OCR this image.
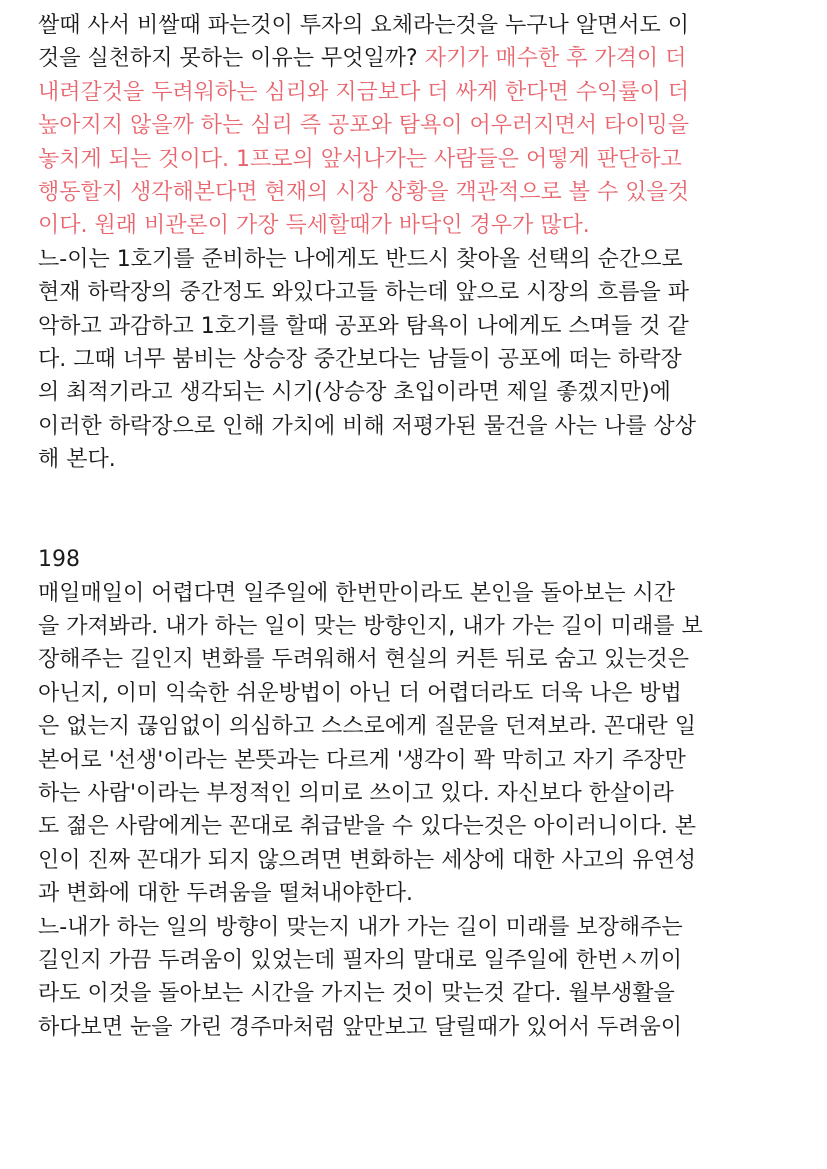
쌀때 사서 비쌀때 파는것이 투자의 요체라는것을 누구나 알면서도 이
것을 실천하지 못하는 이유는 무엇일까? 자기가 매수한 후 가격이 더
내려갈것을 두려워하는 심리와 지금보다 더 싸게 한다면 수익률이 더
높아지지 않을까 하는 심리 즉 공포와 탐욕이 어우러지면서 타이밍을
놓치게 되는 것이다. 1프로의 앞서나가는 사람들은 어떻게 판단하고
행동할지 생각해본다면 현재의 시장 상황을 객관적으로 볼 수 있을것
이다. 원래 비관론이 가장 득세할때가 바닥인 경우가 많다.
느-이는 1호기를 준비하는 나에게도 반드시 찾아올 선택의 순간으로
현재 하락장의 중간정도 와있다고들 하는데 앞으로 시장의 흐름을 파
악하고 과감하고 1호기를 할때 공포와 탐욕이 나에게도 스며들 것 같
다. 그때 너무 붐비는 상승장 중간보다는 남들이 공포에 떠는 하락장
의 최적기라고 생각되는 시기(상승장 초입이라면 제일 좋겠지만)에
이러한 하락장으로 인해 가치에 비해 저평가된 물건을 사는 나를 상상
해 본다.
198
매일매일이 어렵다면 일주일에 한번만이라도 본인을 돌아보는 시간
을 가져봐라. 내가 하는 일이 맞는 방향인지, 내가 가는 길이 미래를 보
장해주는 길인지 변화를 두려워해서 현실의 커튼 뒤로 숨고 있는것은
아닌지, 이미 익숙한 쉬운방법이 아닌 더 어렵더라도 더욱 나은 방법
은 없는지 끊임없이 의심하고 스스로에게 질문을 던져보라. 꼰대란 일
본어로 '선생'이라는 본뜻과는 다르게 '생각이 꽉 막히고 자기 주장만
하는 사람'이라는 부정적인 의미로 쓰이고 있다. 자신보다 한살이라
도 젊은 사람에게는 꼰대로 취급받을 수 있다는것은 아이러니이다. 본
인이 진짜 꼰대가 되지 않으려면 변화하는 세상에 대한 사고의 유연성
과 변화에 대한 두려움을 떨쳐내야한다.
느-내가 하는 일의 방향이 맞는지 내가 가는 길이 미래를 보장해주는
길인지 가끔 두려움이 있었는데 필자의 말대로 일주일에 한번ㅅ끼이
라도 이것을 돌아보는 시간을 가지는 것이 맞는것 같다. 월부생활을
하다보면 눈을 가린 경주마처럼 앞만보고 달릴때가 있어서 두려움이
